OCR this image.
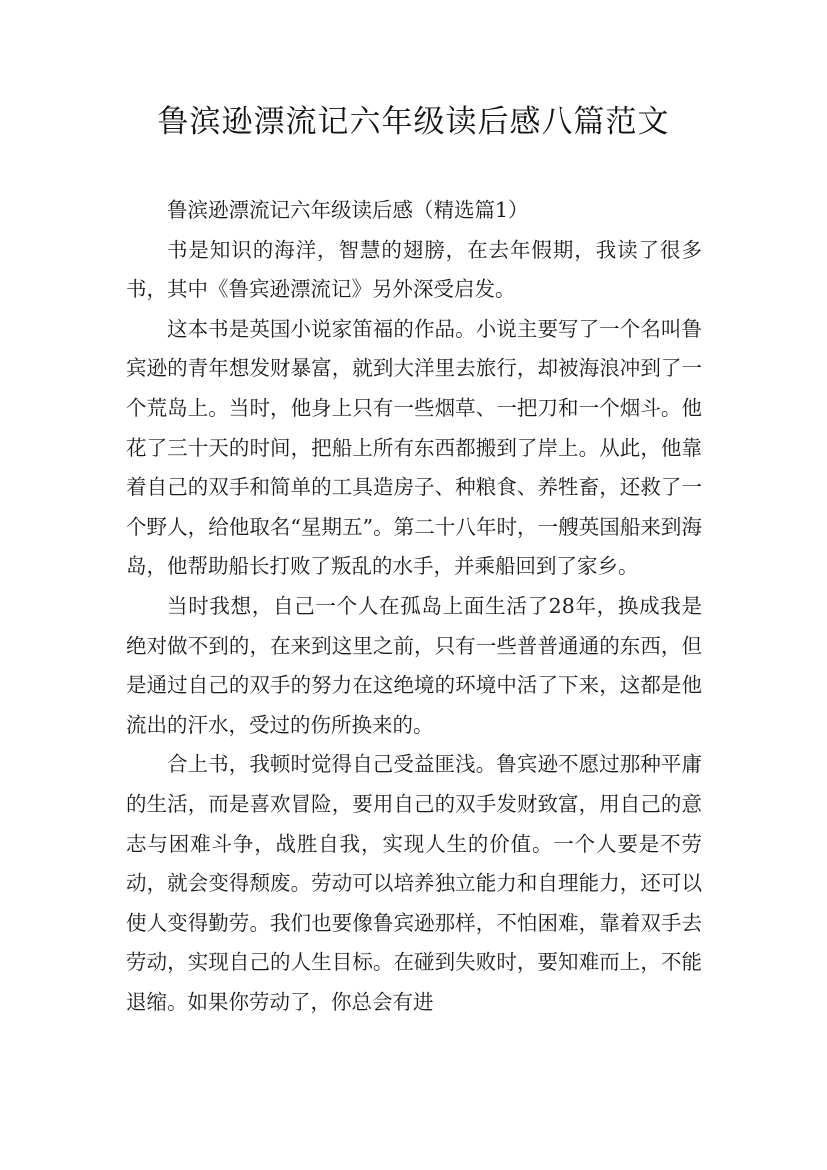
鲁滨逊漂流记六年级读后感八篇范文

鲁滨逊漂流记六年级读后感（精选篇1）

书是知识的海洋，智慧的翅膀，在去年假期，我读了很多书，其中《鲁宾逊漂流记》另外深受启发。

这本书是英国小说家笛福的作品。小说主要写了一个名叫鲁宾逊的青年想发财暴富，就到大洋里去旅行，却被海浪冲到了一个荒岛上。当时，他身上只有一些烟草、一把刀和一个烟斗。他花了三十天的时间，把船上所有东西都搬到了岸上。从此，他靠着自己的双手和简单的工具造房子、种粮食、养牲畜，还救了一个野人，给他取名“星期五”。第二十八年时，一艘英国船来到海岛，他帮助船长打败了叛乱的水手，并乘船回到了家乡。

当时我想，自己一个人在孤岛上面生活了28年，换成我是绝对做不到的，在来到这里之前，只有一些普普通通的东西，但是通过自己的双手的努力在这绝境的环境中活了下来，这都是他流出的汗水，受过的伤所换来的。

合上书，我顿时觉得自己受益匪浅。鲁宾逊不愿过那种平庸的生活，而是喜欢冒险，要用自己的双手发财致富，用自己的意志与困难斗争，战胜自我，实现人生的价值。一个人要是不劳动，就会变得颓废。劳动可以培养独立能力和自理能力，还可以使人变得勤劳。我们也要像鲁宾逊那样，不怕困难，靠着双手去劳动，实现自己的人生目标。在碰到失败时，要知难而上，不能退缩。如果你劳动了，你总会有进
